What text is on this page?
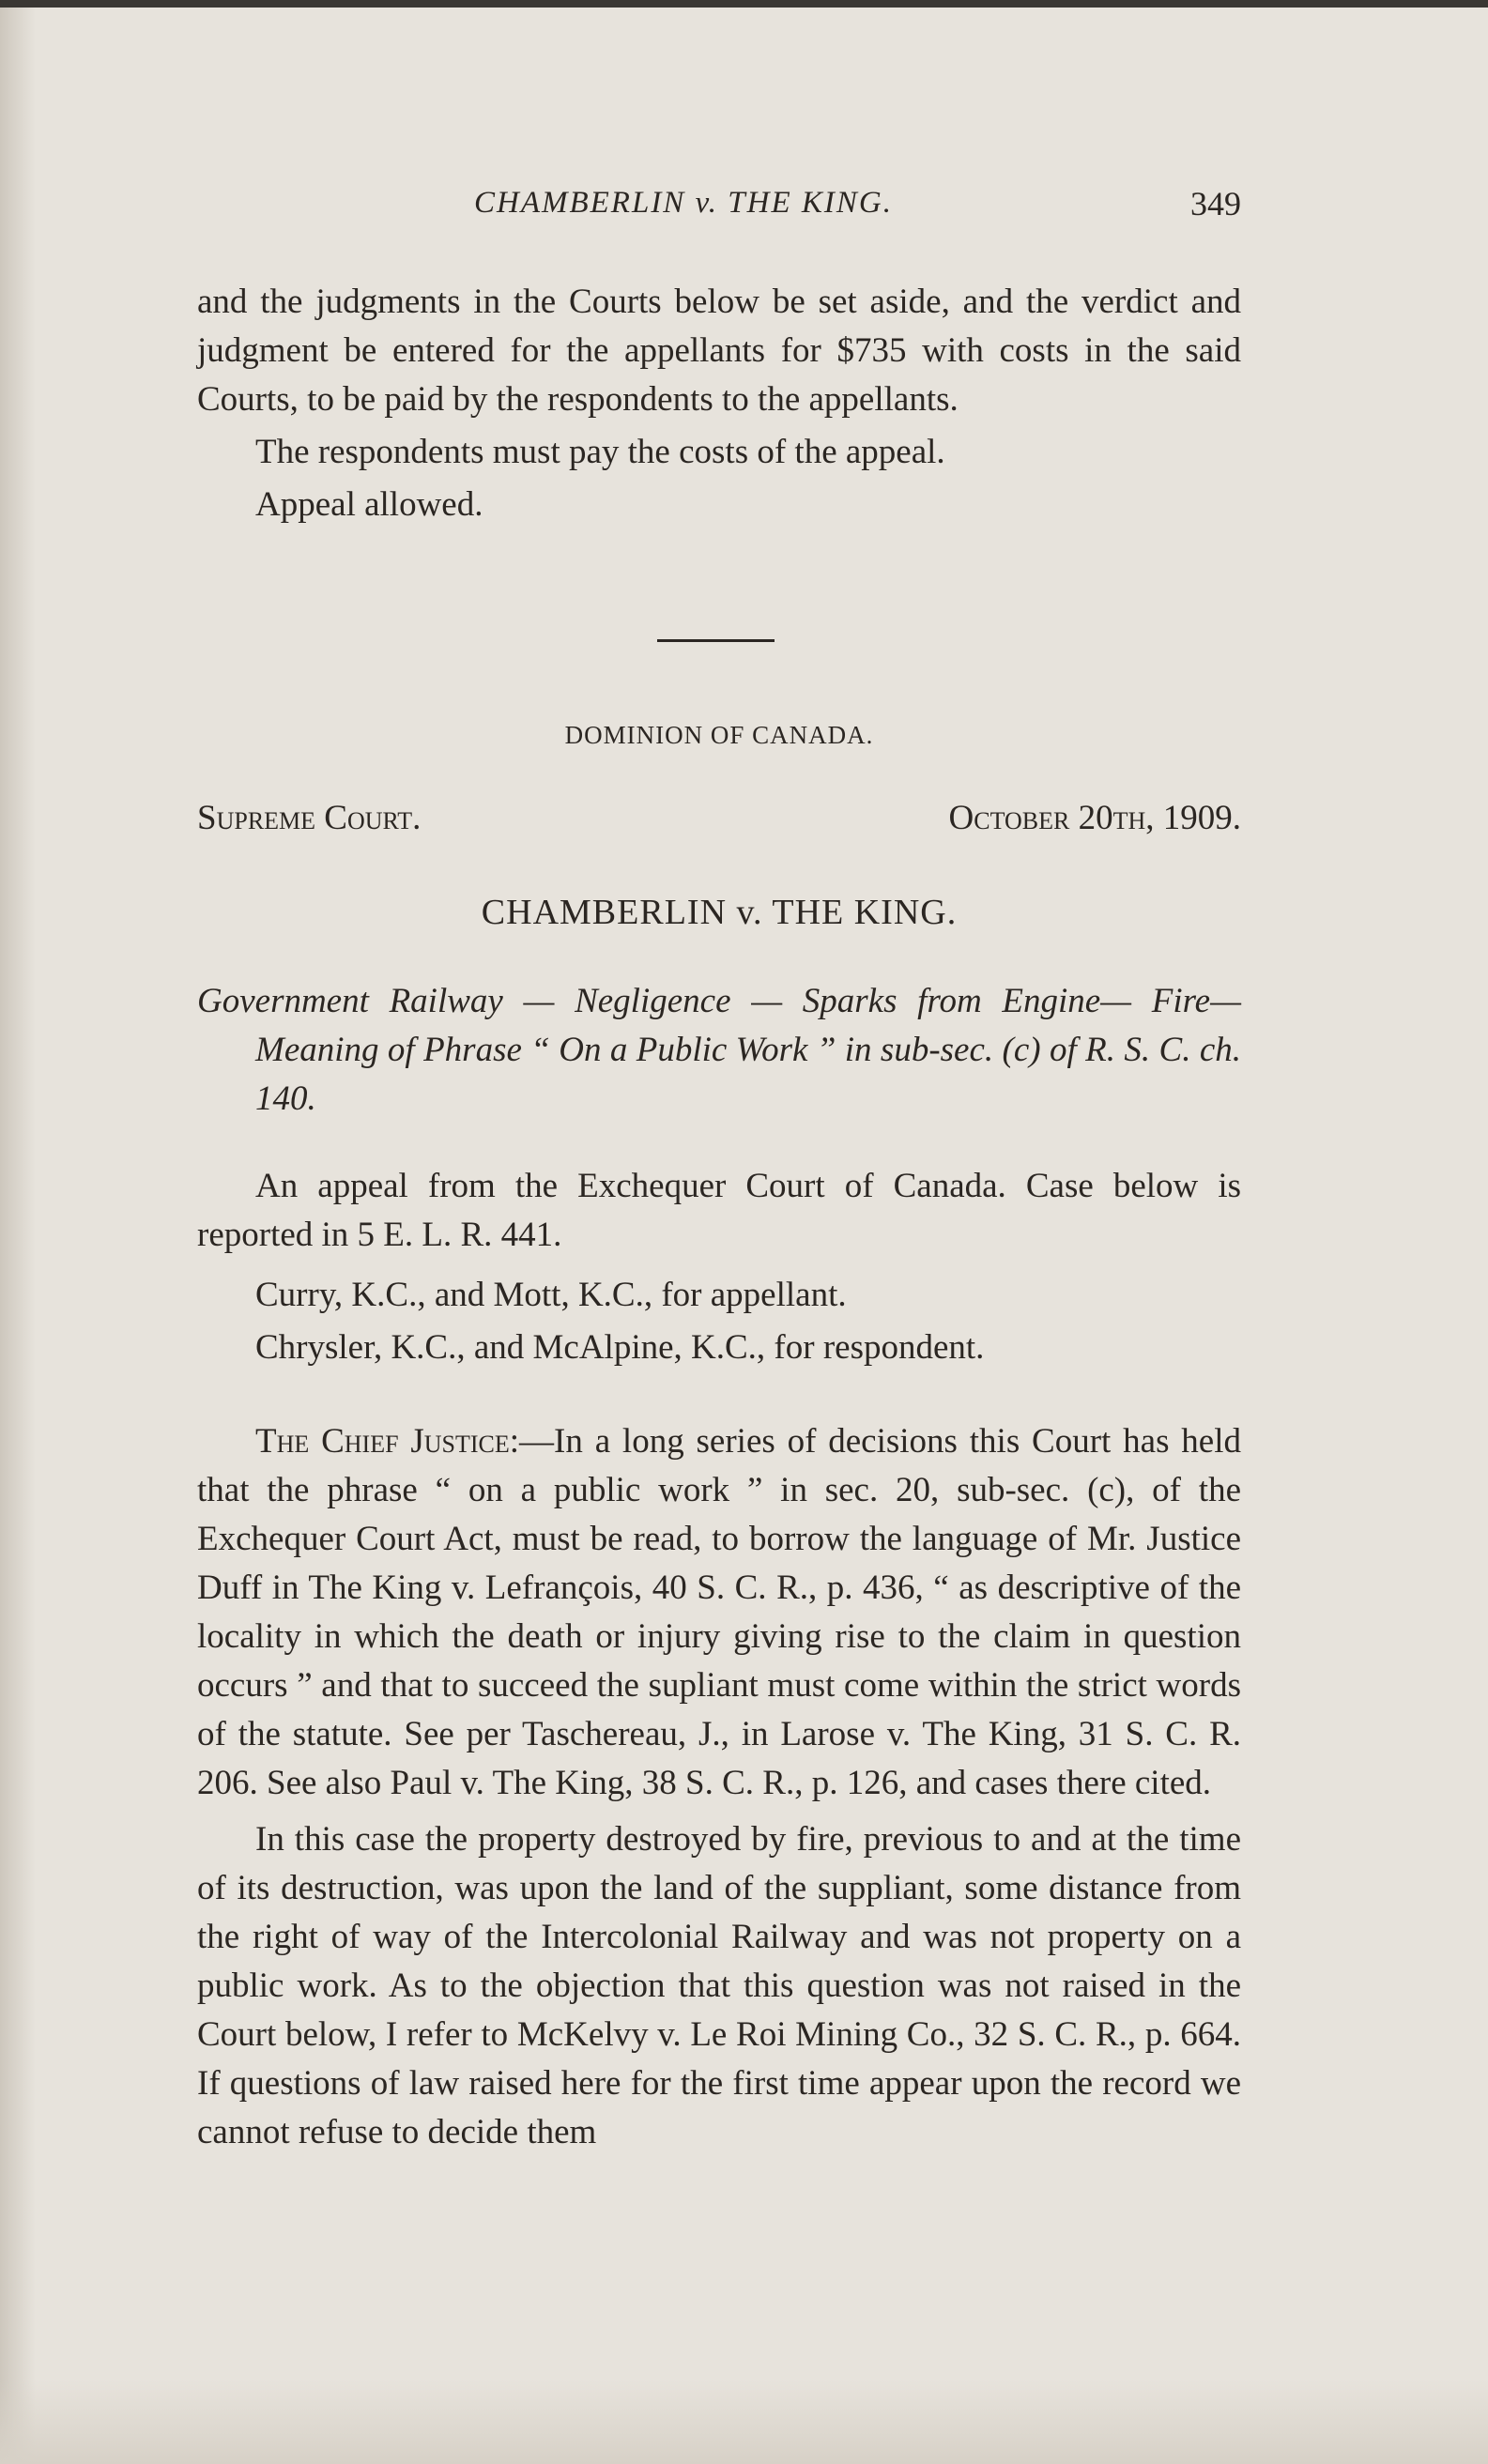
CHAMBERLIN v. THE KING.	349

and the judgments in the Courts below be set aside, and the verdict and judgment be entered for the appellants for $735 with costs in the said Courts, to be paid by the respondents to the appellants.

The respondents must pay the costs of the appeal.

Appeal allowed.

DOMINION OF CANADA.
Supreme Court.	October 20th, 1909.
CHAMBERLIN v. THE KING.

Government Railway — Negligence — Sparks from Engine— Fire—Meaning of Phrase “ On a Public Work ” in sub-sec. (c) of R. S. C. ch. 140.

An appeal from the Exchequer Court of Canada. Case below is reported in 5 E. L. R. 441.

Curry, K.C., and Mott, K.C., for appellant.

Chrysler, K.C., and McAlpine, K.C., for respondent.

The Chief Justice:—In a long series of decisions this Court has held that the phrase “ on a public work ” in sec. 20, sub-sec. (c), of the Exchequer Court Act, must be read, to borrow the language of Mr. Justice Duff in The King v. Lefrançois, 40 S. C. R., p. 436, “ as descriptive of the locality in which the death or injury giving rise to the claim in question occurs ” and that to succeed the supliant must come within the strict words of the statute. See per Taschereau, J., in Larose v. The King, 31 S. C. R. 206. See also Paul v. The King, 38 S. C. R., p. 126, and cases there cited.

In this case the property destroyed by fire, previous to and at the time of its destruction, was upon the land of the suppliant, some distance from the right of way of the Intercolonial Railway and was not property on a public work. As to the objection that this question was not raised in the Court below, I refer to McKelvy v. Le Roi Mining Co., 32 S. C. R., p. 664. If questions of law raised here for the first time appear upon the record we cannot refuse to decide them
